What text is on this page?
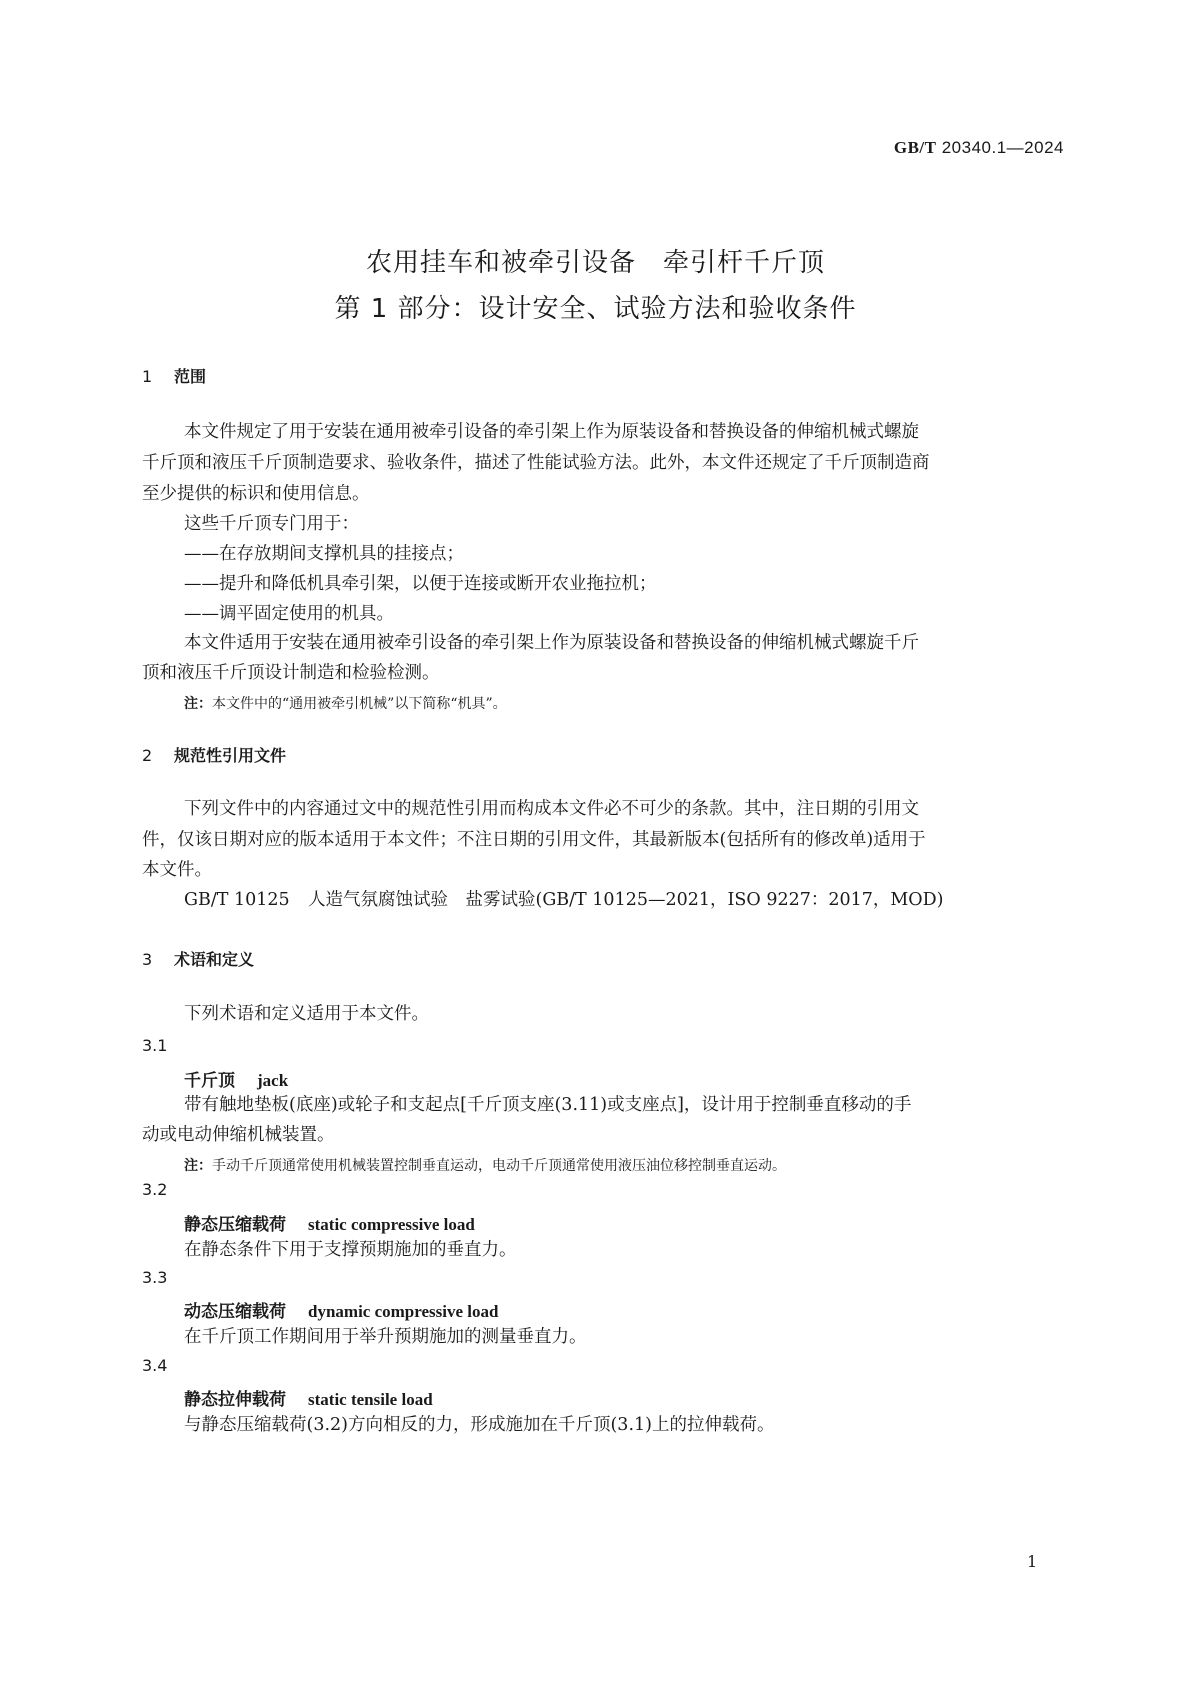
GB/T 20340.1—2024
农用挂车和被牵引设备　牵引杆千斤顶
第 1 部分：设计安全、试验方法和验收条件
1 范围
本文件规定了用于安装在通用被牵引设备的牵引架上作为原装设备和替换设备的伸缩机械式螺旋
千斤顶和液压千斤顶制造要求、验收条件，描述了性能试验方法。此外，本文件还规定了千斤顶制造商
至少提供的标识和使用信息。
这些千斤顶专门用于：
——在存放期间支撑机具的挂接点；
——提升和降低机具牵引架，以便于连接或断开农业拖拉机；
——调平固定使用的机具。
本文件适用于安装在通用被牵引设备的牵引架上作为原装设备和替换设备的伸缩机械式螺旋千斤
顶和液压千斤顶设计制造和检验检测。
注：本文件中的“通用被牵引机械”以下简称“机具”。
2 规范性引用文件
下列文件中的内容通过文中的规范性引用而构成本文件必不可少的条款。其中，注日期的引用文
件，仅该日期对应的版本适用于本文件；不注日期的引用文件，其最新版本(包括所有的修改单)适用于
本文件。
GB/T 10125 人造气氛腐蚀试验　盐雾试验(GB/T 10125—2021，ISO 9227：2017，MOD)
3 术语和定义
下列术语和定义适用于本文件。
3.1
千斤顶 jack
带有触地垫板(底座)或轮子和支起点[千斤顶支座(3.11)或支座点]，设计用于控制垂直移动的手
动或电动伸缩机械装置。
注：手动千斤顶通常使用机械装置控制垂直运动，电动千斤顶通常使用液压油位移控制垂直运动。
3.2
静态压缩载荷 static compressive load
在静态条件下用于支撑预期施加的垂直力。
3.3
动态压缩载荷 dynamic compressive load
在千斤顶工作期间用于举升预期施加的测量垂直力。
3.4
静态拉伸载荷 static tensile load
与静态压缩载荷(3.2)方向相反的力，形成施加在千斤顶(3.1)上的拉伸载荷。
1
